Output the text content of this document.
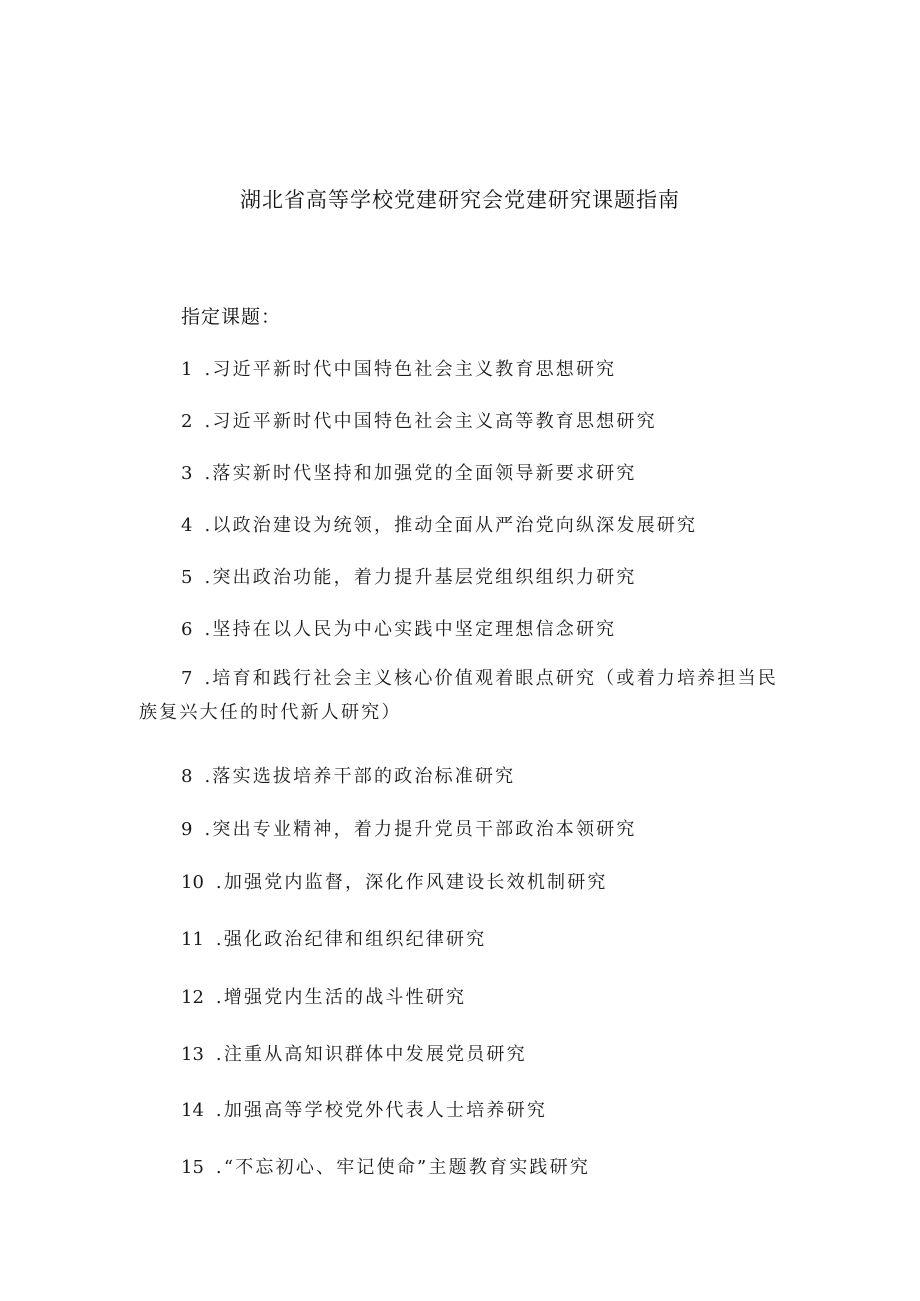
湖北省高等学校党建研究会党建研究课题指南
指定课题：
1 .习近平新时代中国特色社会主义教育思想研究
2 .习近平新时代中国特色社会主义高等教育思想研究
3 .落实新时代坚持和加强党的全面领导新要求研究
4 .以政治建设为统领，推动全面从严治党向纵深发展研究
5 .突出政治功能，着力提升基层党组织组织力研究
6 .坚持在以人民为中心实践中坚定理想信念研究
7 .培育和践行社会主义核心价值观着眼点研究（或着力培养担当民
族复兴大任的时代新人研究）
8 .落实选拔培养干部的政治标准研究
9 .突出专业精神，着力提升党员干部政治本领研究
10 .加强党内监督，深化作风建设长效机制研究
11 .强化政治纪律和组织纪律研究
12 .增强党内生活的战斗性研究
13 .注重从高知识群体中发展党员研究
14 .加强高等学校党外代表人士培养研究
15 .“不忘初心、牢记使命”主题教育实践研究
